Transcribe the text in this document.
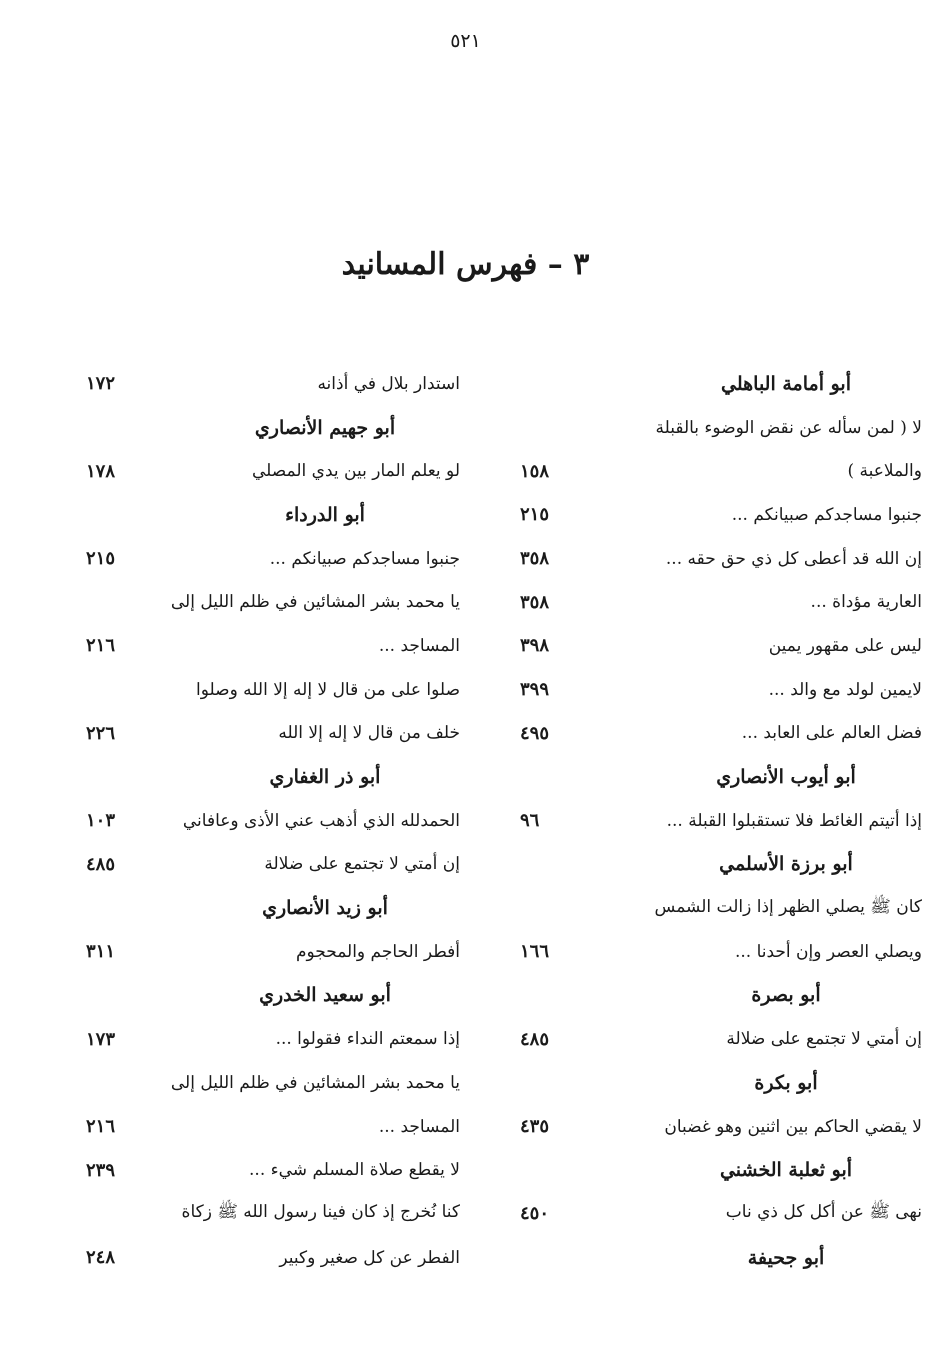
٥٢١
٣ – فهرس المسانيد
أبو أمامة الباهلي
لا ( لمن سأله عن نقض الوضوء بالقبلة
والملاعبة )
١٥٨
جنبوا مساجدكم صبيانكم ...
٢١٥
إن الله قد أعطى كل ذي حق حقه ...
٣٥٨
العارية مؤداة ...
٣٥٨
ليس على مقهور يمين
٣٩٨
لايمين لولد مع والد ...
٣٩٩
فضل العالم على العابد ...
٤٩٥
أبو أيوب الأنصاري
إذا أتيتم الغائط فلا تستقبلوا القبلة ...
٩٦
أبو برزة الأسلمي
كان ﷺ يصلي الظهر إذا زالت الشمس
ويصلي العصر وإن أحدنا ...
١٦٦
أبو بصرة
إن أمتي لا تجتمع على ضلالة
٤٨٥
أبو بكرة
لا يقضي الحاكم بين اثنين وهو غضبان
٤٣٥
أبو ثعلبة الخشني
نهى ﷺ عن أكل كل ذي ناب
٤٥٠
أبو جحيفة
استدار بلال في أذانه
١٧٢
أبو جهيم الأنصاري
لو يعلم المار بين يدي المصلي
١٧٨
أبو الدرداء
جنبوا مساجدكم صبيانكم ...
٢١٥
يا محمد بشر المشائين في ظلم الليل إلى
المساجد ...
٢١٦
صلوا على من قال لا إله إلا الله وصلوا
خلف من قال لا إله إلا الله
٢٢٦
أبو ذر الغفاري
الحمدلله الذي أذهب عني الأذى وعافاني
١٠٣
إن أمتي لا تجتمع على ضلالة
٤٨٥
أبو زيد الأنصاري
أفطر الحاجم والمحجوم
٣١١
أبو سعيد الخدري
إذا سمعتم النداء فقولوا ...
١٧٣
يا محمد بشر المشائين في ظلم الليل إلى
المساجد ...
٢١٦
لا يقطع صلاة المسلم شيء ...
٢٣٩
كنا نُخرج إذ كان فينا رسول الله ﷺ زكاة
الفطر عن كل صغير وكبير
٢٤٨
